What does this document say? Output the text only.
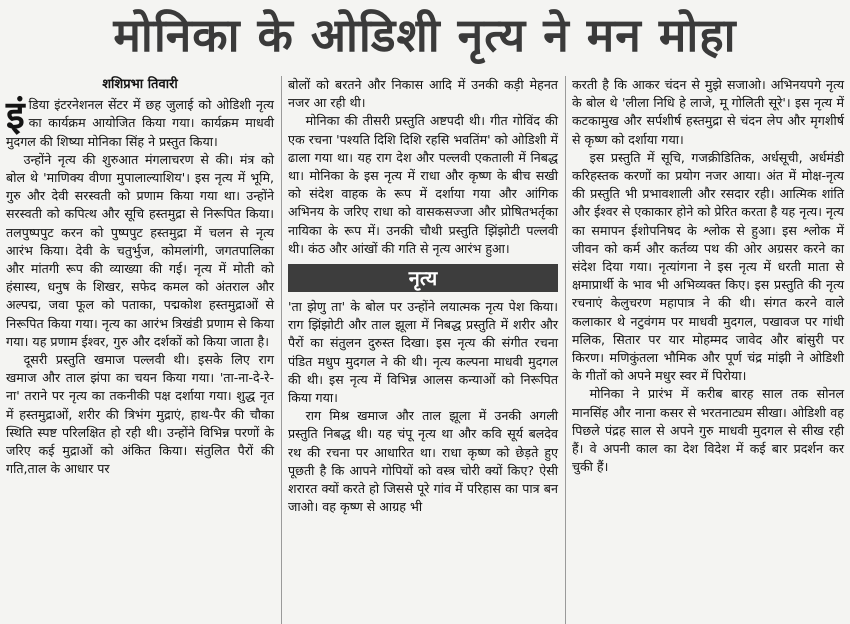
मोनिका के ओडिशी नृत्य ने मन मोहा
शशिप्रभा तिवारी

इं डिया इंटरनेशनल सेंटर में छह जुलाई को ओडिशी नृत्य का कार्यक्रम आयोजित किया गया। कार्यक्रम माधवी मुदगल की शिष्या मोनिका सिंह ने प्रस्तुत किया।

उन्होंने नृत्य की शुरुआत मंगलाचरण से की। मंत्र को बोल थे 'माणिक्य वीणा मुपालाल्याशिय'। इस नृत्य में भूमि, गुरु और देवी सरस्वती को प्रणाम किया गया था। उन्होंने सरस्वती को कपित्थ और सूचि हस्तमुद्रा से निरूपित किया। तलपुष्पपुट करन को पुष्पपुट हस्तमुद्रा में चलन से नृत्य आरंभ किया। देवी के चतुर्भुज, कोमलांगी, जगतपालिका और मांतगी रूप की व्याख्या की गई। नृत्य में मोती को हंसास्य, धनुष के शिखर, सफेद कमल को अंतराल और अल्पद्म, जवा फूल को पताका, पद्मकोश हस्तमुद्राओं से निरूपित किया गया। नृत्य का आरंभ त्रिखंडी प्रणाम से किया गया। यह प्रणाम ईश्वर, गुरु और दर्शकों को किया जाता है।

दूसरी प्रस्तुति खमाज पल्लवी थी। इसके लिए राग खमाज और ताल झंपा का चयन किया गया। 'ता-ना-दे-रे-ना' तराने पर नृत्य का तकनीकी पक्ष दर्शाया गया। शुद्ध नृत में हस्तमुद्राओं, शरीर की त्रिभंग मुद्राएं, हाथ-पैर की चौका स्थिति स्पष्ट परिलक्षित हो रही थी। उन्होंने विभिन्न परणों के जरिए कई मुद्राओं को अंकित किया। संतुलित पैरों की गति,ताल के आधार पर

बोलों को बरतने और निकास आदि में उनकी कड़ी मेहनत नजर आ रही थी।

मोनिका की तीसरी प्रस्तुति अष्टपदी थी। गीत गोविंद की एक रचना 'पश्यति दिशि दिशि रहसि भवतिंम' को ओडिशी में ढाला गया था। यह राग देश और पल्लवी एकताली में निबद्ध था। मोनिका के इस नृत्य में राधा और कृष्ण के बीच सखी को संदेश वाहक के रूप में दर्शाया गया और आंगिक अभिनय के जरिए राधा को वासकसज्जा और प्रोषितभर्तृका नायिका के रूप में। उनकी चौथी प्रस्तुति झिंझोटी पल्लवी थी। कंठ और आंखों की गति से नृत्य आरंभ हुआ।

नृत्य

'ता झेणु ता' के बोल पर उन्होंने लयात्मक नृत्य पेश किया। राग झिंझोटी और ताल झूला में निबद्ध प्रस्तुति में शरीर और पैरों का संतुलन दुरुस्त दिखा। इस नृत्य की संगीत रचना पंडित मधुप मुदगल ने की थी। नृत्य कल्पना माधवी मुदगल की थी। इस नृत्य में विभिन्न आलस कन्याओं को निरूपित किया गया।

राग मिश्र खमाज और ताल झूला में उनकी अगली प्रस्तुति निबद्ध थी। यह चंपू नृत्य था और कवि सूर्य बलदेव रथ की रचना पर आधारित था। राधा कृष्ण को छेड़ते हुए पूछती है कि आपने गोपियों को वस्त्र चोरी क्यों किए? ऐसी शरारत क्यों करते हो जिससे पूरे गांव में परिहास का पात्र बन जाओ। वह कृष्ण से आग्रह भी

करती है कि आकर चंदन से मुझे सजाओ। अभिनयपगे नृत्य के बोल थे 'लीला निधि हे लाजे, मू गोलिती सूरे'। इस नृत्य में कटकामुख और सर्पशीर्ष हस्तमुद्रा से चंदन लेप और मृगशीर्ष से कृष्ण को दर्शाया गया।

इस प्रस्तुति में सूचि, गजक्रीडितिक, अर्धसूची, अर्धमंडी करिहस्तक करणों का प्रयोग नजर आया। अंत में मोक्ष-नृत्य की प्रस्तुति भी प्रभावशाली और रसदार रही। आत्मिक शांति और ईश्वर से एकाकार होने को प्रेरित करता है यह नृत्य। नृत्य का समापन ईशोपनिषद के श्लोक से हुआ। इस श्लोक में जीवन को कर्म और कर्तव्य पथ की ओर अग्रसर करने का संदेश दिया गया। नृत्यांगना ने इस नृत्य में धरती माता से क्षमाप्रार्थी के भाव भी अभिव्यक्त किए। इस प्रस्तुति की नृत्य रचनाएं केलुचरण महापात्र ने की थी। संगत करने वाले कलाकार थे नटुवंगम पर माधवी मुदगल, पखावज पर गांधी मलिक, सितार पर यार मोहम्मद जावेद और बांसुरी पर किरण। मणिकुंतला भौमिक और पूर्ण चंद्र मांझी ने ओडिशी के गीतों को अपने मधुर स्वर में पिरोया।

मोनिका ने प्रारंभ में करीब बारह साल तक सोनल मानसिंह और नाना कसर से भरतनाट्यम सीखा। ओडिशी वह पिछले पंद्रह साल से अपने गुरु माधवी मुदगल से सीख रही हैं। वे अपनी काल का देश विदेश में कई बार प्रदर्शन कर चुकी हैं।
